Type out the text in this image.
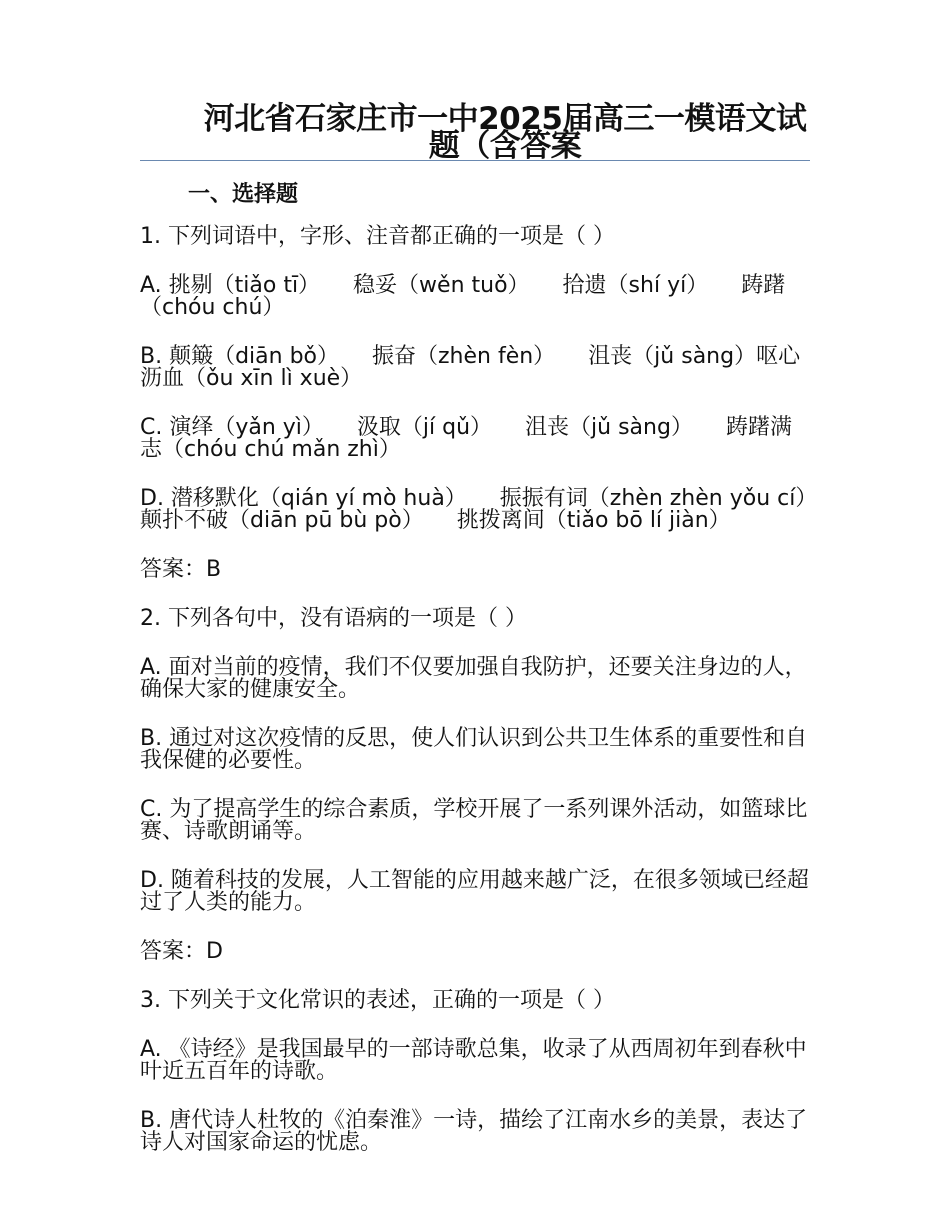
河北省石家庄市一中2025届高三一模语文试题（含答案
一、选择题

1. 下列词语中，字形、注音都正确的一项是（ ）

A. 挑剔（tiǎo tī）　　稳妥（wěn tuǒ）　　拾遗（shí yí）　　踌躇（chóu chú）

B. 颠簸（diān bǒ）　　振奋（zhèn fèn）　　沮丧（jǔ sàng）呕心沥血（ǒu xīn lì xuè）

C. 演绎（yǎn yì）　　汲取（jí qǔ）　　沮丧（jǔ sàng）　　踌躇满志（chóu chú mǎn zhì）

D. 潜移默化（qián yí mò huà）　　振振有词（zhèn zhèn yǒu cí）　　颠扑不破（diān pū bù pò）　　挑拨离间（tiǎo bō lí jiàn）

答案：B

2. 下列各句中，没有语病的一项是（ ）

A. 面对当前的疫情，我们不仅要加强自我防护，还要关注身边的人，确保大家的健康安全。

B. 通过对这次疫情的反思，使人们认识到公共卫生体系的重要性和自我保健的必要性。

C. 为了提高学生的综合素质，学校开展了一系列课外活动，如篮球比赛、诗歌朗诵等。

D. 随着科技的发展，人工智能的应用越来越广泛，在很多领域已经超过了人类的能力。

答案：D

3. 下列关于文化常识的表述，正确的一项是（ ）

A. 《诗经》是我国最早的一部诗歌总集，收录了从西周初年到春秋中叶近五百年的诗歌。

B. 唐代诗人杜牧的《泊秦淮》一诗，描绘了江南水乡的美景，表达了诗人对国家命运的忧虑。
